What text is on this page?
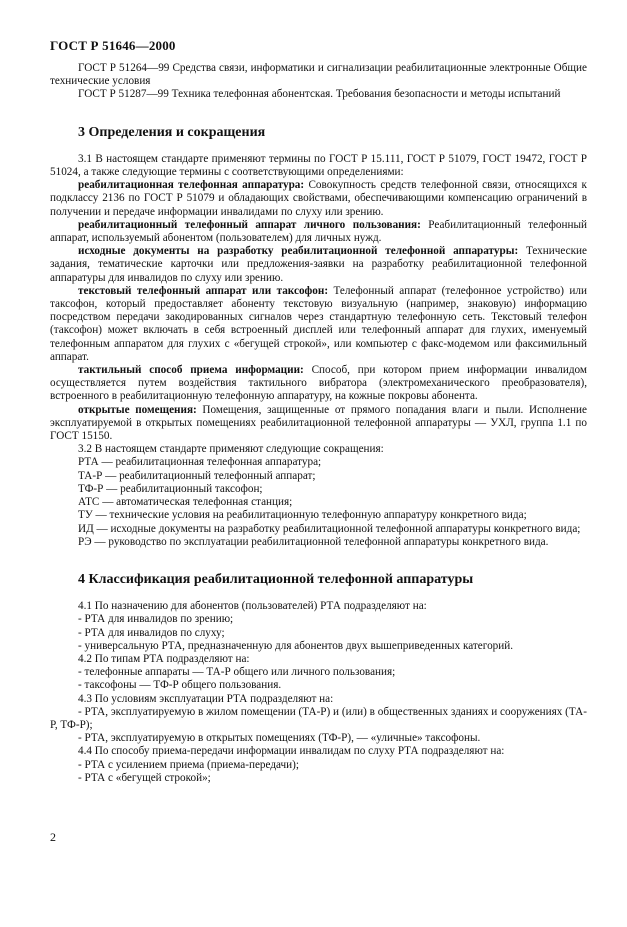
ГОСТ Р 51646—2000

ГОСТ Р 51264—99 Средства связи, информатики и сигнализации реабилитационные электронные Общие технические условия

ГОСТ Р 51287—99 Техника телефонная абонентская. Требования безопасности и методы испытаний

3 Определения и сокращения

3.1 В настоящем стандарте применяют термины по ГОСТ Р 15.111, ГОСТ Р 51079, ГОСТ 19472, ГОСТ Р 51024, а также следующие термины с соответствующими определениями:

реабилитационная телефонная аппаратура: Совокупность средств телефонной связи, относящихся к подклассу 2136 по ГОСТ Р 51079 и обладающих свойствами, обеспечивающими компенсацию ограничений в получении и передаче информации инвалидами по слуху или зрению.

реабилитационный телефонный аппарат личного пользования: Реабилитационный телефонный аппарат, используемый абонентом (пользователем) для личных нужд.

исходные документы на разработку реабилитационной телефонной аппаратуры: Технические задания, тематические карточки или предложения-заявки на разработку реабилитационной телефонной аппаратуры для инвалидов по слуху или зрению.

текстовый телефонный аппарат или таксофон: Телефонный аппарат (телефонное устройство) или таксофон, который предоставляет абоненту текстовую визуальную (например, знаковую) информацию посредством передачи закодированных сигналов через стандартную телефонную сеть. Текстовый телефон (таксофон) может включать в себя встроенный дисплей или телефонный аппарат для глухих, именуемый телефонным аппаратом для глухих с «бегущей строкой», или компьютер с факс-модемом или факсимильный аппарат.

тактильный способ приема информации: Способ, при котором прием информации инвалидом осуществляется путем воздействия тактильного вибратора (электромеханического преобразователя), встроенного в реабилитационную телефонную аппаратуру, на кожные покровы абонента.

открытые помещения: Помещения, защищенные от прямого попадания влаги и пыли. Исполнение эксплуатируемой в открытых помещениях реабилитационной телефонной аппаратуры — УХЛ, группа 1.1 по ГОСТ 15150.

3.2 В настоящем стандарте применяют следующие сокращения:

РТА — реабилитационная телефонная аппаратура;

ТА-Р — реабилитационный телефонный аппарат;

ТФ-Р — реабилитационный таксофон;

АТС — автоматическая телефонная станция;

ТУ — технические условия на реабилитационную телефонную аппаратуру конкретного вида;

ИД — исходные документы на разработку реабилитационной телефонной аппаратуры конкретного вида;

РЭ — руководство по эксплуатации реабилитационной телефонной аппаратуры конкретного вида.

4 Классификация реабилитационной телефонной аппаратуры

4.1 По назначению для абонентов (пользователей) РТА подразделяют на:

- РТА для инвалидов по зрению;

- РТА для инвалидов по слуху;

- универсальную РТА, предназначенную для абонентов двух вышеприведенных категорий.

4.2 По типам РТА подразделяют на:

- телефонные аппараты — ТА-Р общего или личного пользования;

- таксофоны — ТФ-Р общего пользования.

4.3 По условиям эксплуатации РТА подразделяют на:

- РТА, эксплуатируемую в жилом помещении (ТА-Р) и (или) в общественных зданиях и сооружениях (ТА-Р, ТФ-Р);

- РТА, эксплуатируемую в открытых помещениях (ТФ-Р), — «уличные» таксофоны.

4.4 По способу приема-передачи информации инвалидам по слуху РТА подразделяют на:

- РТА с усилением приема (приема-передачи);

- РТА с «бегущей строкой»;

2
